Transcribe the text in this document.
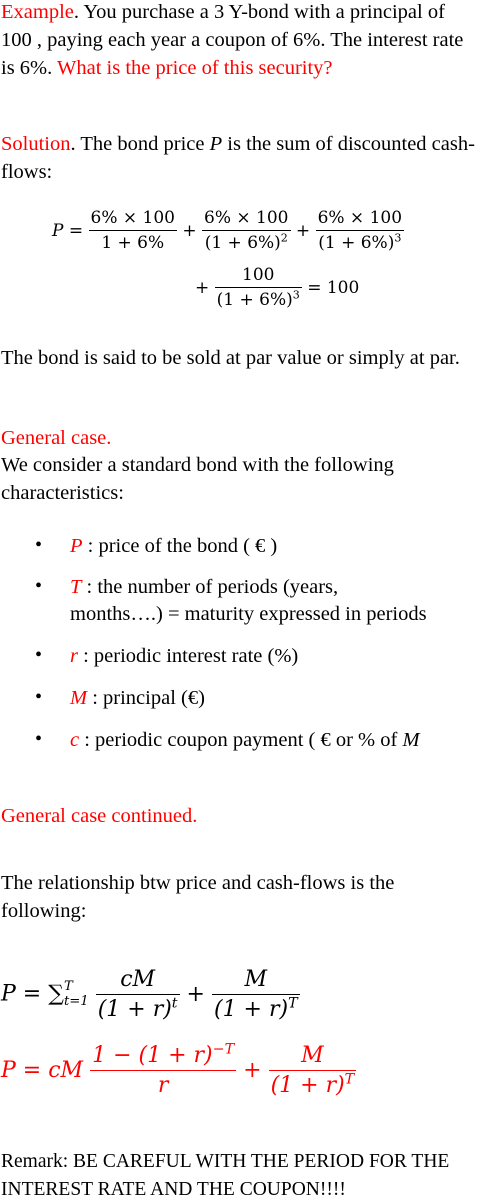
Example. You purchase a 3 Y-bond with a principal of 100 , paying each year a coupon of 6%. The interest rate is 6%. What is the price of this security?
Solution. The bond price P is the sum of discounted cash-flows:
$P = \frac{6\% \times 100}{1 + 6\%} + \frac{6\% \times 100}{(1 + 6\%)^2} + \frac{6\% \times 100}{(1 + 6\%)^3}$
+ $\frac{100}{(1 + 6\%)^3} = 100$
The bond is said to be sold at par value or simply at par.
General case.
We consider a standard bond with the following characteristics:
• P : price of the bond ( € )
• T : the number of periods (years,
months….) = maturity expressed in periods
• r : periodic interest rate (%)
• M : principal (€)
• c : periodic coupon payment ( € or % of M
General case continued.
The relationship btw price and cash-flows is the following:
P = ∑ T
t=1
$\frac{cM}{(1 + r)^t} + \frac{M}{(1 + r)^T}$
P = cM $\frac{1 - (1 + r)^{-T}}{r} + \frac{M}{(1 + r)^T}$
Remark: BE CAREFUL WITH THE PERIOD FOR THE INTEREST RATE AND THE COUPON!!!!
